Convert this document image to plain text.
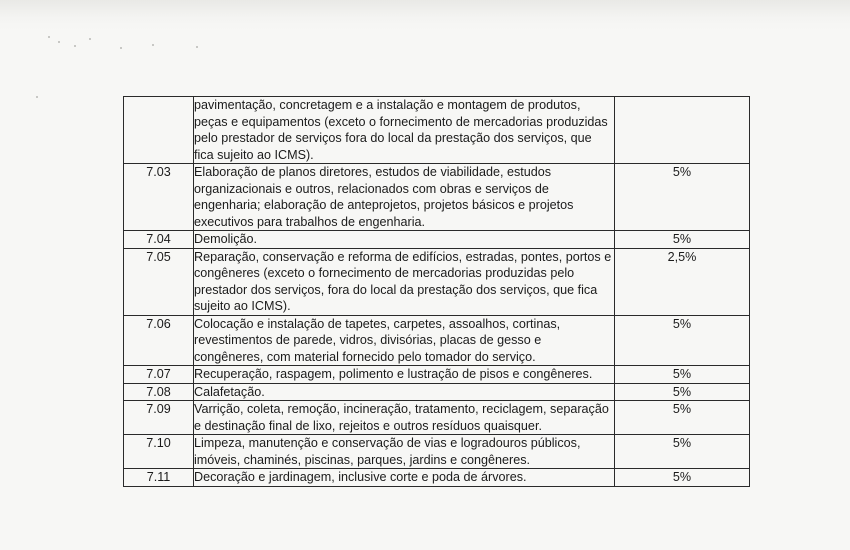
	pavimentação, concretagem e a instalação e montagem de produtos, peças e equipamentos (exceto o fornecimento de mercadorias produzidas pelo prestador de serviços fora do local da prestação dos serviços, que fica sujeito ao ICMS).	
7.03	Elaboração de planos diretores, estudos de viabilidade, estudos organizacionais e outros, relacionados com obras e serviços de engenharia; elaboração de anteprojetos, projetos básicos e projetos executivos para trabalhos de engenharia.	5%
7.04	Demolição.	5%
7.05	Reparação, conservação e reforma de edifícios, estradas, pontes, portos e congêneres (exceto o fornecimento de mercadorias produzidas pelo prestador dos serviços, fora do local da prestação dos serviços, que fica sujeito ao ICMS).	2,5%
7.06	Colocação e instalação de tapetes, carpetes, assoalhos, cortinas, revestimentos de parede, vidros, divisórias, placas de gesso e congêneres, com material fornecido pelo tomador do serviço.	5%
7.07	Recuperação, raspagem, polimento e lustração de pisos e congêneres.	5%
7.08	Calafetação.	5%
7.09	Varrição, coleta, remoção, incineração, tratamento, reciclagem, separação e destinação final de lixo, rejeitos e outros resíduos quaisquer.	5%
7.10	Limpeza, manutenção e conservação de vias e logradouros públicos, imóveis, chaminés, piscinas, parques, jardins e congêneres.	5%
7.11	Decoração e jardinagem, inclusive corte e poda de árvores.	5%
